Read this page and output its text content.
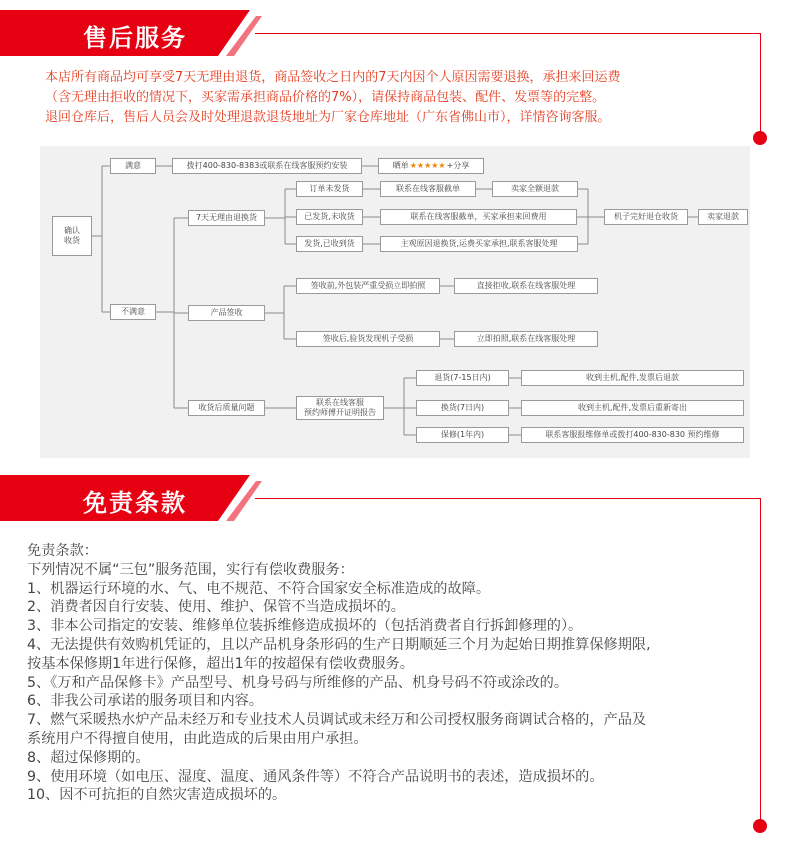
售后服务

本店所有商品均可享受7天无理由退货，商品签收之日内的7天内因个人原因需要退换，承担来回运费

（含无理由拒收的情况下，买家需承担商品价格的7%），请保持商品包装、配件、发票等的完整。

退回仓库后，售后人员会及时处理退款退货地址为厂家仓库地址（广东省佛山市），详情咨询客服。

确认
收货
满意
不满意
拨打400-830-8383或联系在线客服预约安装	晒单 ★★★★★ +分享
7天无理由退换货
订单未发货	联系在线客服截单	卖家全额退款
已发货,未收货	联系在线客服截单，买家承担来回费用
发货,已收到货	主观原因退换货,运费买家承担,联系客服处理
机子完好退仓收货	卖家退款
产品签收
签收前,外包装严重受损立即拍照	直接拒收,联系在线客服处理
签收后,验货发现机子受损	立即拍照,联系在线客服处理
收货后质量问题
联系在线客服
预约师傅开证明报告
退货(7-15日内)	收到主机,配件,发票后退款
换货(7日内)	收到主机,配件,发票后重新寄出
保修(1年内)	联系客服报维修单或拨打400-830-830 预约维修
免责条款
免责条款：
下列情况不属“三包”服务范围，实行有偿收费服务：
1、机器运行环境的水、气、电不规范、不符合国家安全标准造成的故障。
2、消费者因自行安装、使用、维护、保管不当造成损坏的。
3、非本公司指定的安装、维修单位装拆维修造成损坏的（包括消费者自行拆卸修理的）。
4、无法提供有效购机凭证的，且以产品机身条形码的生产日期顺延三个月为起始日期推算保修期限,
按基本保修期1年进行保修，超出1年的按超保有偿收费服务。
5、《万和产品保修卡》产品型号、机身号码与所维修的产品、机身号码不符或涂改的。
6、非我公司承诺的服务项目和内容。
7、燃气采暖热水炉产品未经万和专业技术人员调试或未经万和公司授权服务商调试合格的，产品及
系统用户不得擅自使用，由此造成的后果由用户承担。
8、超过保修期的。
9、使用环境（如电压、湿度、温度、通风条件等）不符合产品说明书的表述，造成损坏的。
10、因不可抗拒的自然灾害造成损坏的。
